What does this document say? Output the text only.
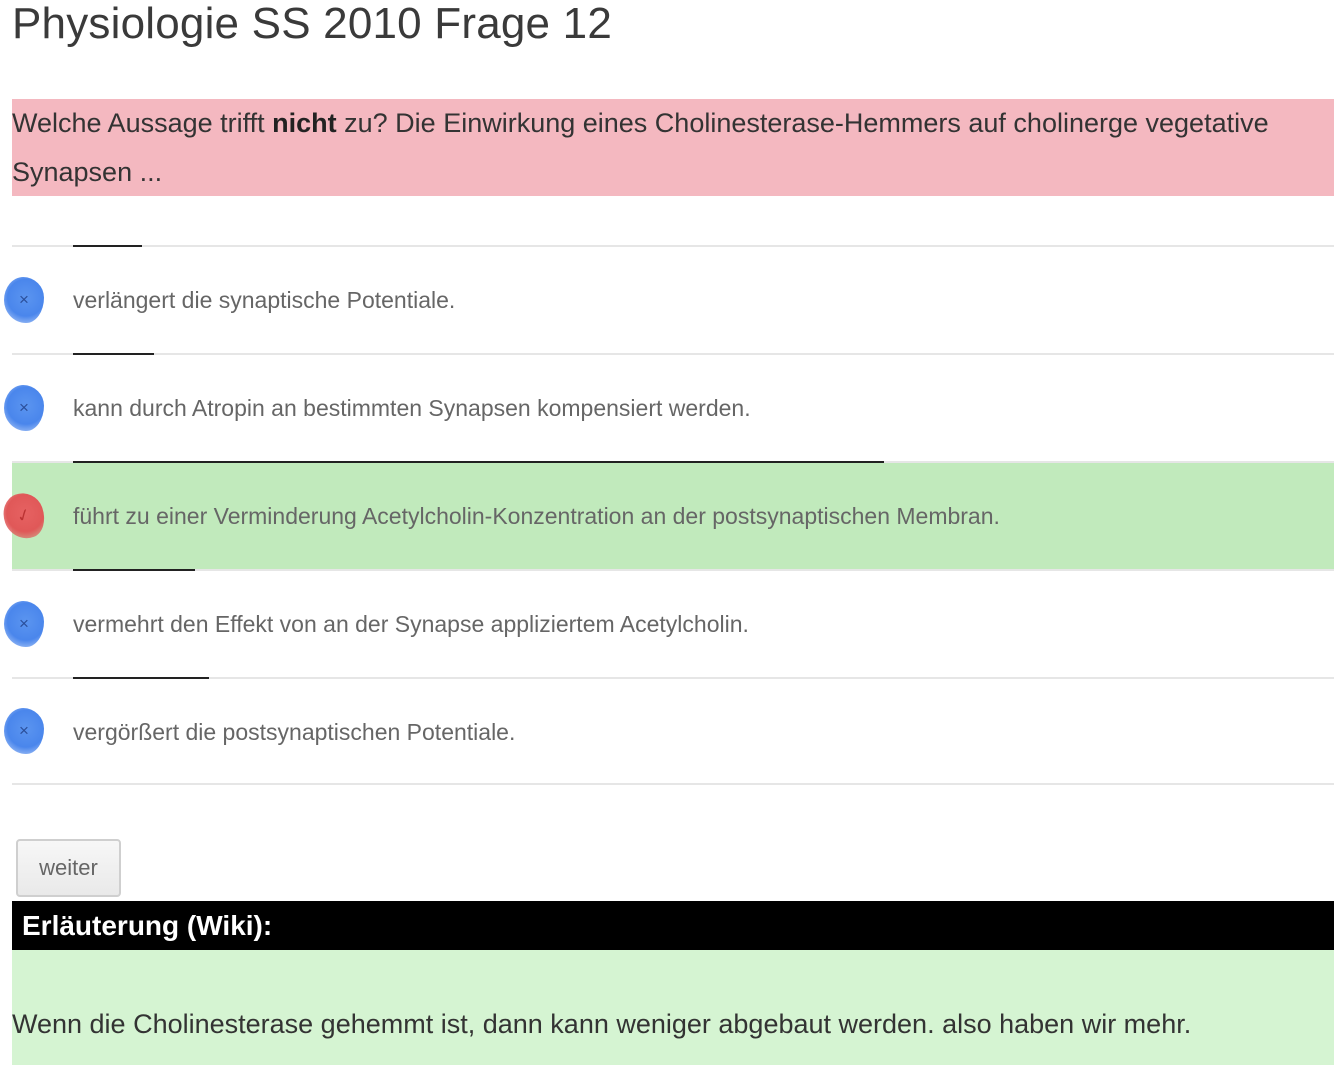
Physiologie SS 2010 Frage 12
Welche Aussage trifft nicht zu? Die Einwirkung eines Cholinesterase-Hemmers auf cholinerge vegetative Synapsen ...
×	verlängert die synaptische Potentiale.
×	kann durch Atropin an bestimmten Synapsen kompensiert werden.
✓	führt zu einer Verminderung Acetylcholin-Konzentration an der postsynaptischen Membran.
×	vermehrt den Effekt von an der Synapse appliziertem Acetylcholin.
×	vergörßert die postsynaptischen Potentiale.
weiter
Erläuterung (Wiki):
Wenn die Cholinesterase gehemmt ist, dann kann weniger abgebaut werden. also haben wir mehr.
